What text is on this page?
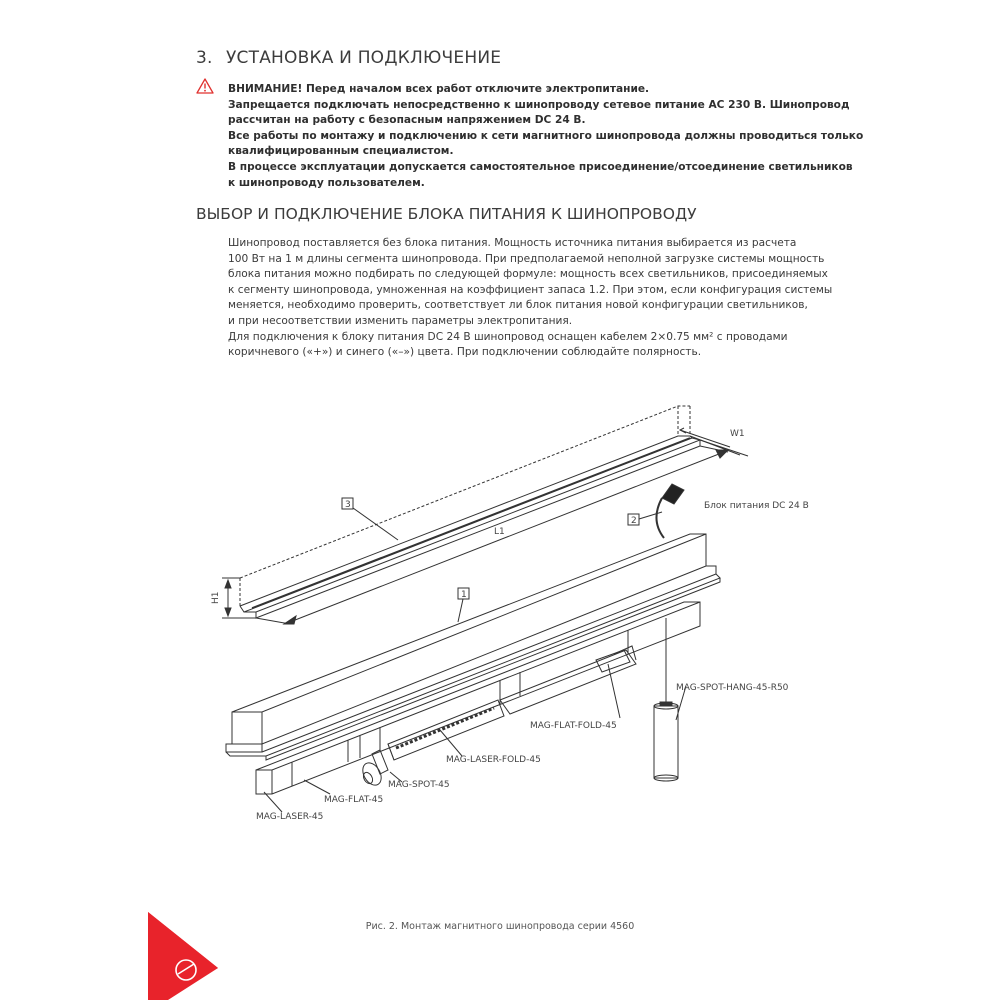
3. УСТАНОВКА И ПОДКЛЮЧЕНИЕ
ВНИМАНИЕ! Перед началом всех работ отключите электропитание.
Запрещается подключать непосредственно к шинопроводу сетевое питание AC 230 В. Шинопровод
рассчитан на работу с безопасным напряжением DC 24 В.
Все работы по монтажу и подключению к сети магнитного шинопровода должны проводиться только
квалифицированным специалистом.
В процессе эксплуатации допускается самостоятельное присоединение/отсоединение светильников
к шинопроводу пользователем.
ВЫБОР И ПОДКЛЮЧЕНИЕ БЛОКА ПИТАНИЯ К ШИНОПРОВОДУ
Шинопровод поставляется без блока питания. Мощность источника питания выбирается из расчета
100 Вт на 1 м длины сегмента шинопровода. При предполагаемой неполной загрузке системы мощность
блока питания можно подбирать по следующей формуле: мощность всех светильников, присоединяемых
к сегменту шинопровода, умноженная на коэффициент запаса 1.2. При этом, если конфигурация системы
меняется, необходимо проверить, соответствует ли блок питания новой конфигурации светильников,
и при несоответствии изменить параметры электропитания.
Для подключения к блоку питания DC 24 В шинопровод оснащен кабелем 2×0.75 мм² с проводами
коричневого («+») и синего («–») цвета. При подключении соблюдайте полярность.
3
2
1
W1
L1
H1
Блок питания DC 24 В
MAG-SPOT-HANG-45-R50
MAG-FLAT-FOLD-45
MAG-LASER-FOLD-45
MAG-SPOT-45
MAG-FLAT-45
MAG-LASER-45
Рис. 2. Монтаж магнитного шинопровода серии 4560
